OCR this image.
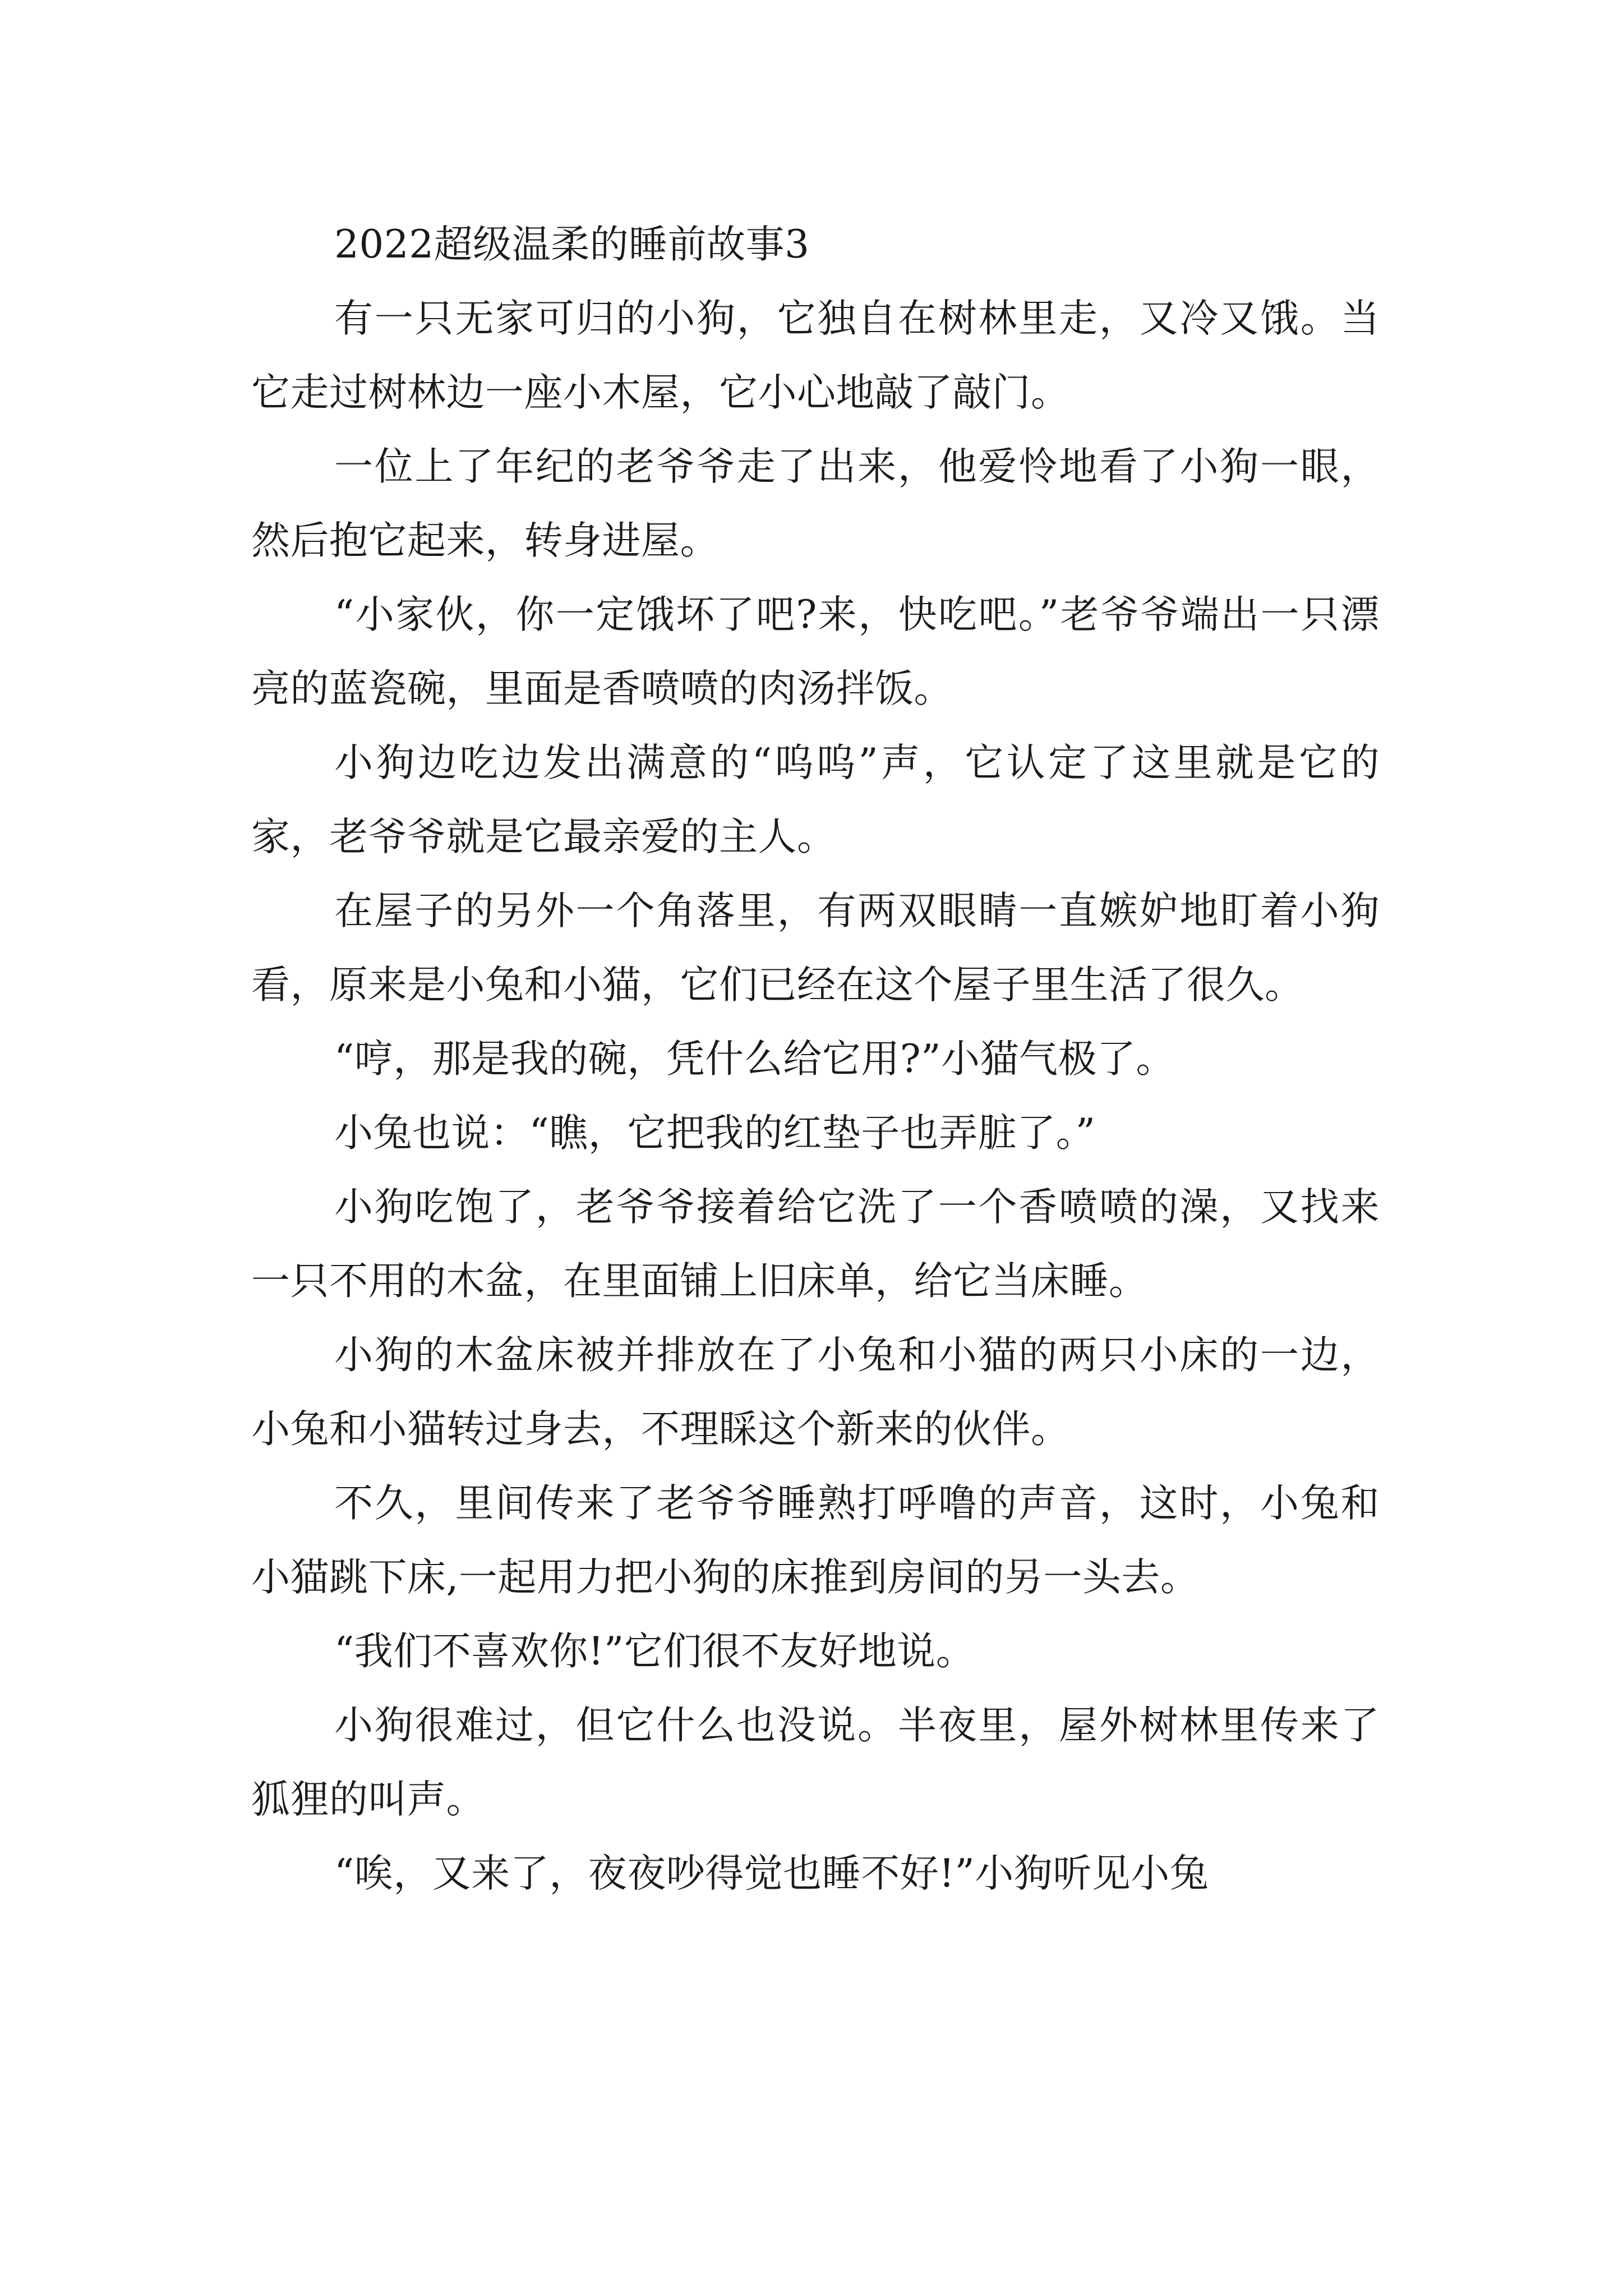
2022超级温柔的睡前故事3

有一只无家可归的小狗，它独自在树林里走，又冷又饿。当它走过树林边一座小木屋，它小心地敲了敲门。

一位上了年纪的老爷爷走了出来，他爱怜地看了小狗一眼，然后抱它起来，转身进屋。

“小家伙，你一定饿坏了吧?来，快吃吧。”老爷爷端出一只漂亮的蓝瓷碗，里面是香喷喷的肉汤拌饭。

小狗边吃边发出满意的“呜呜”声，它认定了这里就是它的家，老爷爷就是它最亲爱的主人。

在屋子的另外一个角落里，有两双眼睛一直嫉妒地盯着小狗看，原来是小兔和小猫，它们已经在这个屋子里生活了很久。

“哼，那是我的碗，凭什么给它用?”小猫气极了。

小兔也说：“瞧，它把我的红垫子也弄脏了。”

小狗吃饱了，老爷爷接着给它洗了一个香喷喷的澡，又找来一只不用的木盆，在里面铺上旧床单，给它当床睡。

小狗的木盆床被并排放在了小兔和小猫的两只小床的一边，小兔和小猫转过身去，不理睬这个新来的伙伴。

不久，里间传来了老爷爷睡熟打呼噜的声音，这时，小兔和小猫跳下床,一起用力把小狗的床推到房间的另一头去。

“我们不喜欢你!”它们很不友好地说。

小狗很难过，但它什么也没说。半夜里，屋外树林里传来了狐狸的叫声。

“唉，又来了，夜夜吵得觉也睡不好!”小狗听见小兔
